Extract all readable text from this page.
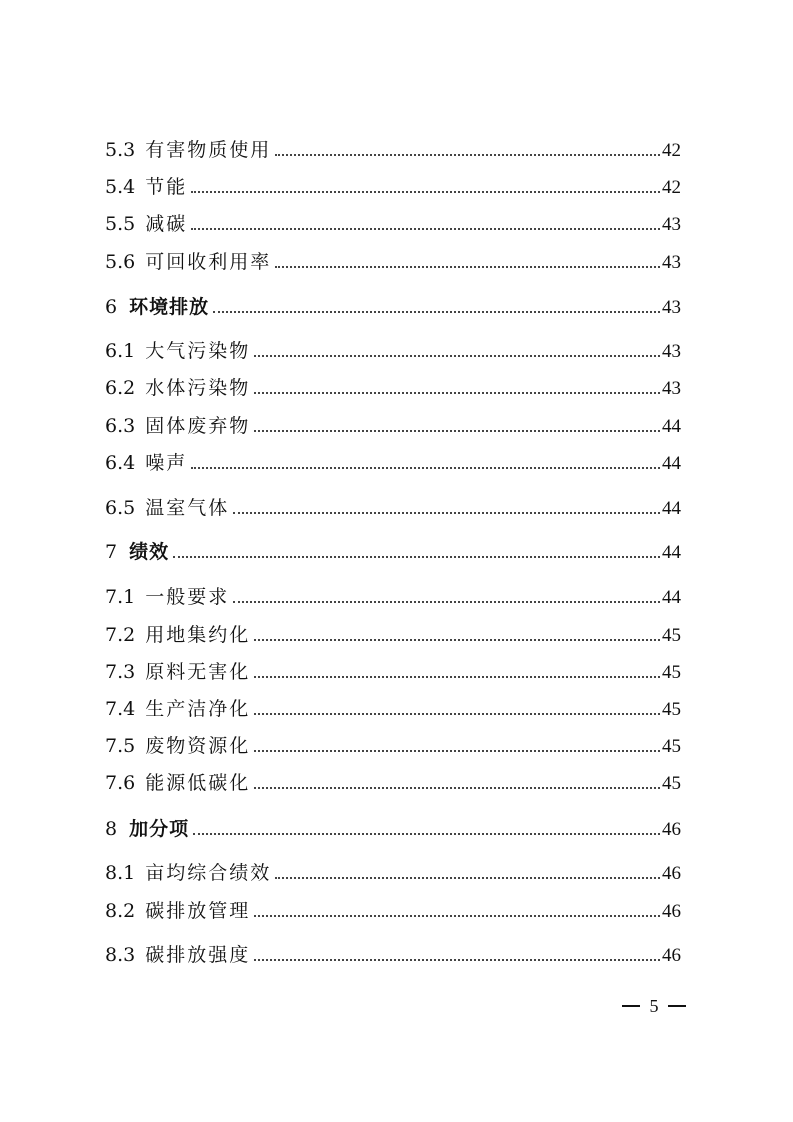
5.3 有害物质使用	42
5.4 节能	42
5.5 减碳	43
5.6 可回收利用率	43
6 环境排放	43
6.1 大气污染物	43
6.2 水体污染物	43
6.3 固体废弃物	44
6.4 噪声	44
6.5 温室气体	44
7 绩效	44
7.1 一般要求	44
7.2 用地集约化	45
7.3 原料无害化	45
7.4 生产洁净化	45
7.5 废物资源化	45
7.6 能源低碳化	45
8 加分项	46
8.1 亩均综合绩效	46
8.2 碳排放管理	46
8.3 碳排放强度	46
5
